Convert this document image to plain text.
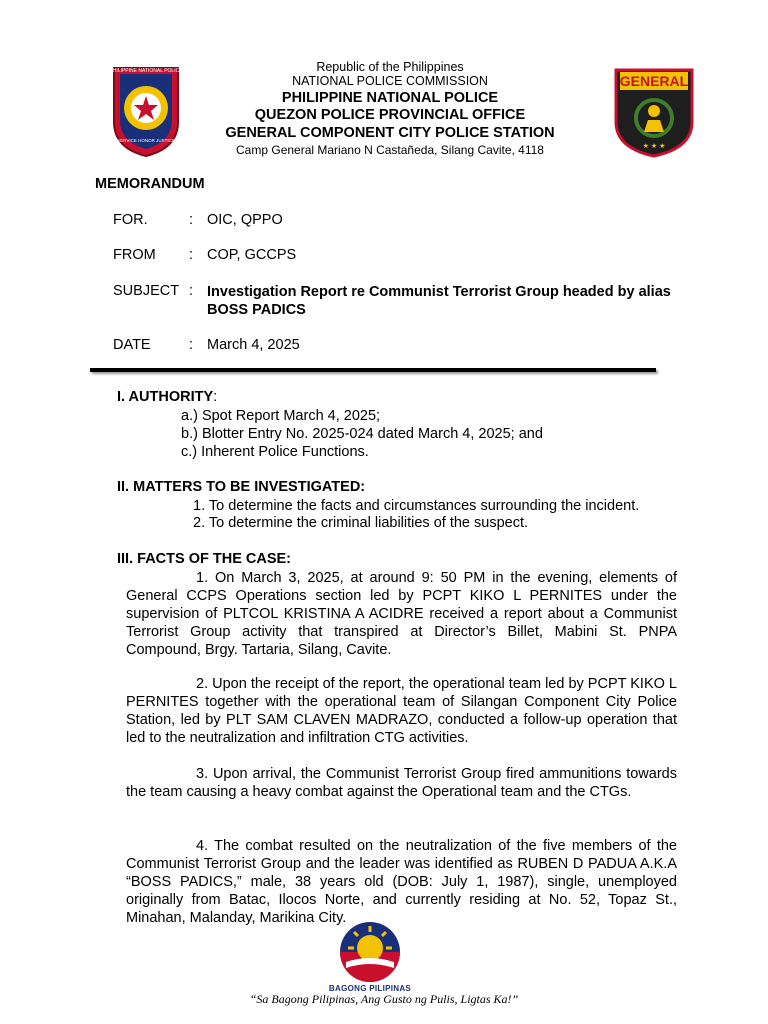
PHILIPPINE NATIONAL POLICE
SERVICE HONOR JUSTICE
GENERAL
★ ★ ★
Republic of the Philippines
NATIONAL POLICE COMMISSION
PHILIPPINE NATIONAL POLICE
QUEZON POLICE PROVINCIAL OFFICE
GENERAL COMPONENT CITY POLICE STATION
Camp General Mariano N Castañeda, Silang Cavite, 4118
MEMORANDUM
FOR.	: OIC, QPPO
FROM : COP, GCCPS
SUBJECT : Investigation Report re Communist Terrorist Group headed by alias BOSS PADICS
DATE	: March 4, 2025
I. AUTHORITY:
a.) Spot Report March 4, 2025;
b.) Blotter Entry No. 2025-024 dated March 4, 2025; and
c.) Inherent Police Functions.
II. MATTERS TO BE INVESTIGATED:
1. To determine the facts and circumstances surrounding the incident.
2. To determine the criminal liabilities of the suspect.
III. FACTS OF THE CASE:

1. On March 3, 2025, at around 9: 50 PM in the evening, elements of General CCPS Operations section led by PCPT KIKO L PERNITES under the supervision of PLTCOL KRISTINA A ACIDRE received a report about a Communist Terrorist Group activity that transpired at Director’s Billet, Mabini St. PNPA Compound, Brgy. Tartaria, Silang, Cavite.

2. Upon the receipt of the report, the operational team led by PCPT KIKO L PERNITES together with the operational team of Silangan Component City Police Station, led by PLT SAM CLAVEN MADRAZO, conducted a follow-up operation that led to the neutralization and infiltration CTG activities.

3. Upon arrival, the Communist Terrorist Group fired ammunitions towards the team causing a heavy combat against the Operational team and the CTGs.

4. The combat resulted on the neutralization of the five members of the Communist Terrorist Group and the leader was identified as RUBEN D PADUA A.K.A “BOSS PADICS,” male, 38 years old (DOB: July 1, 1987), single, unemployed originally from Batac, Ilocos Norte, and currently residing at No. 52, Topaz St., Minahan, Malanday, Marikina City.

BAGONG PILIPINAS
“Sa Bagong Pilipinas, Ang Gusto ng Pulis, Ligtas Ka!”
